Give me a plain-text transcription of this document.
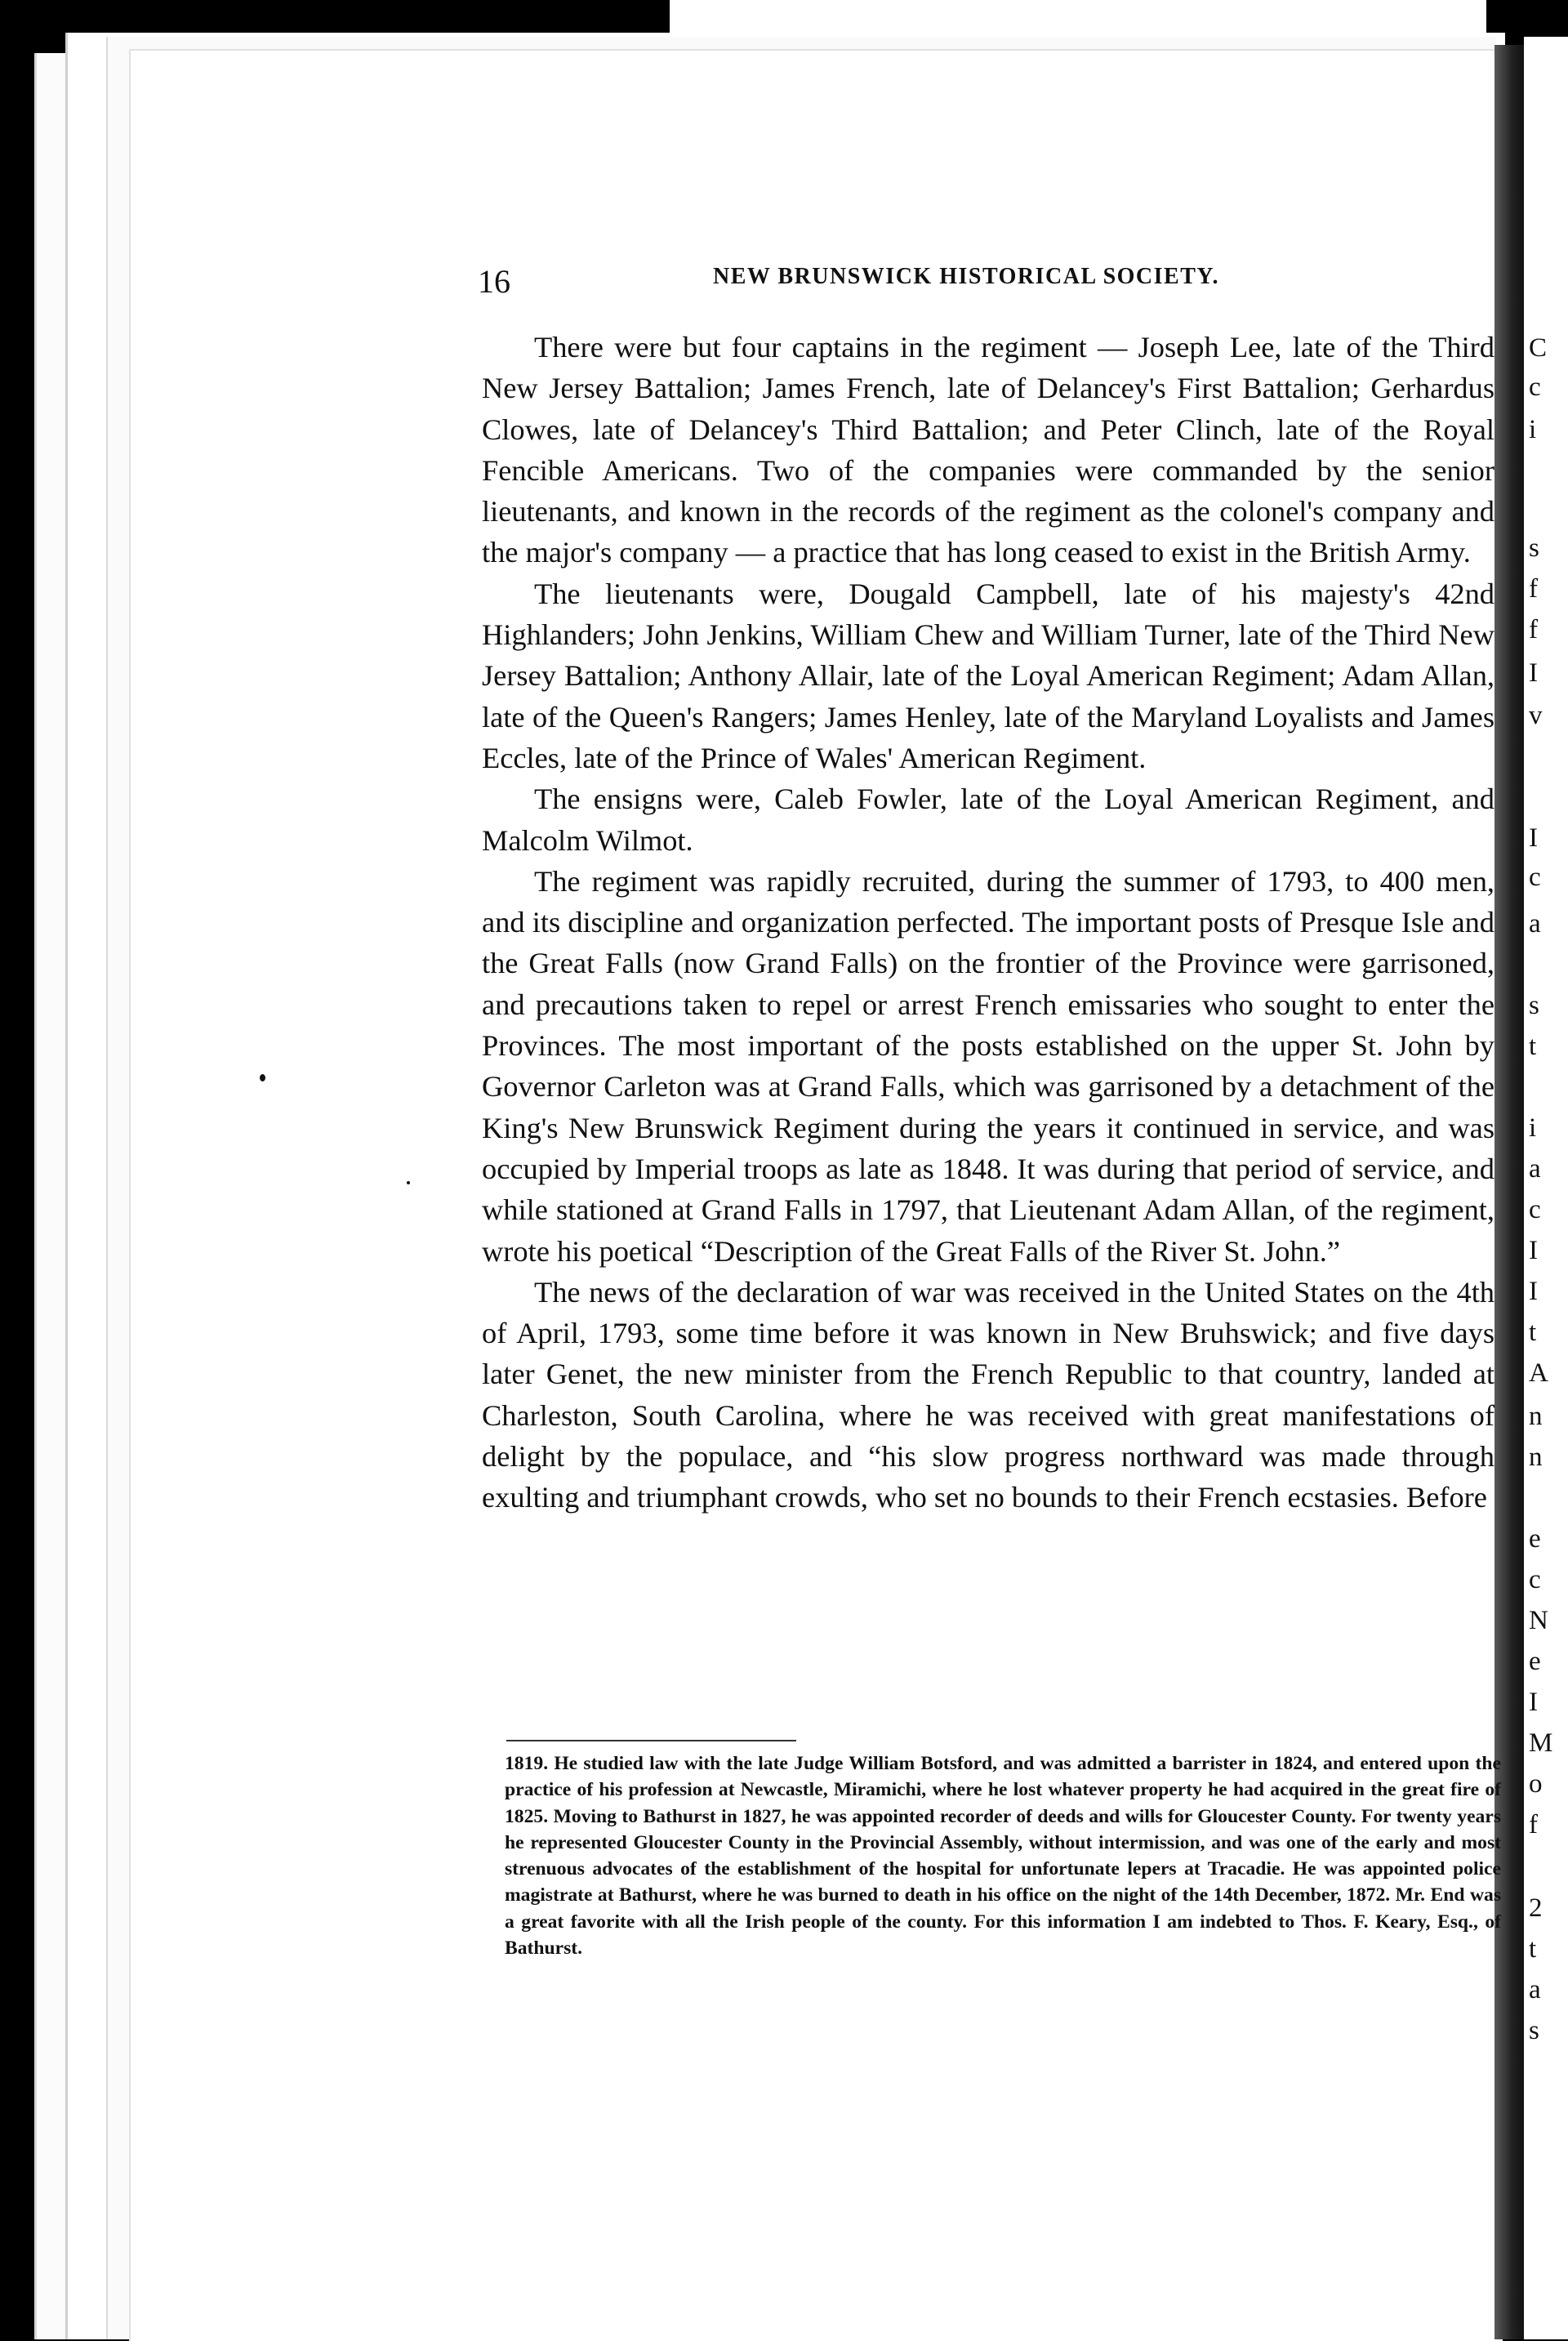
C
c
i
s
f
f
I
v
I
c
a
s
t
i
a
c
I
I
t
A
n
n
e
c
N
e
I
M
o
f
2
t
a
s
16	NEW BRUNSWICK HISTORICAL SOCIETY.

There were but four captains in the regiment — Joseph Lee, late of the Third New Jersey Battalion; James French, late of Delancey's First Battalion; Gerhardus Clowes, late of Delancey's Third Battalion; and Peter Clinch, late of the Royal Fencible Americans. Two of the companies were commanded by the senior lieutenants, and known in the records of the regiment as the colonel's company and the major's company — a practice that has long ceased to exist in the British Army.

The lieutenants were, Dougald Campbell, late of his majesty's 42nd Highlanders; John Jenkins, William Chew and William Turner, late of the Third New Jersey Battalion; Anthony Allair, late of the Loyal American Regiment; Adam Allan, late of the Queen's Rangers; James Henley, late of the Maryland Loyalists and James Eccles, late of the Prince of Wales' American Regiment.

The ensigns were, Caleb Fowler, late of the Loyal American Regiment, and Malcolm Wilmot.

The regiment was rapidly recruited, during the summer of 1793, to 400 men, and its discipline and organization perfected. The important posts of Presque Isle and the Great Falls (now Grand Falls) on the frontier of the Province were garrisoned, and precautions taken to repel or arrest French emissaries who sought to enter the Provinces. The most important of the posts established on the upper St. John by Governor Carleton was at Grand Falls, which was garrisoned by a detachment of the King's New Brunswick Regiment during the years it continued in service, and was occupied by Imperial troops as late as 1848. It was during that period of service, and while stationed at Grand Falls in 1797, that Lieutenant Adam Allan, of the regiment, wrote his poetical “Description of the Great Falls of the River St. John.”

The news of the declaration of war was received in the United States on the 4th of April, 1793, some time before it was known in New Bruhswick; and five days later Genet, the new minister from the French Republic to that country, landed at Charleston, South Carolina, where he was received with great manifestations of delight by the populace, and “his slow progress northward was made through exulting and triumphant crowds, who set no bounds to their French ecstasies. Before

1819. He studied law with the late Judge William Botsford, and was admitted a barrister in 1824, and entered upon the practice of his profession at Newcastle, Miramichi, where he lost whatever property he had acquired in the great fire of 1825. Moving to Bathurst in 1827, he was appointed recorder of deeds and wills for Gloucester County. For twenty years he represented Gloucester County in the Provincial Assembly, without intermission, and was one of the early and most strenuous advocates of the establishment of the hospital for unfortunate lepers at Tracadie. He was appointed police magistrate at Bathurst, where he was burned to death in his office on the night of the 14th December, 1872. Mr. End was a great favorite with all the Irish people of the county. For this information I am indebted to Thos. F. Keary, Esq., of Bathurst.
